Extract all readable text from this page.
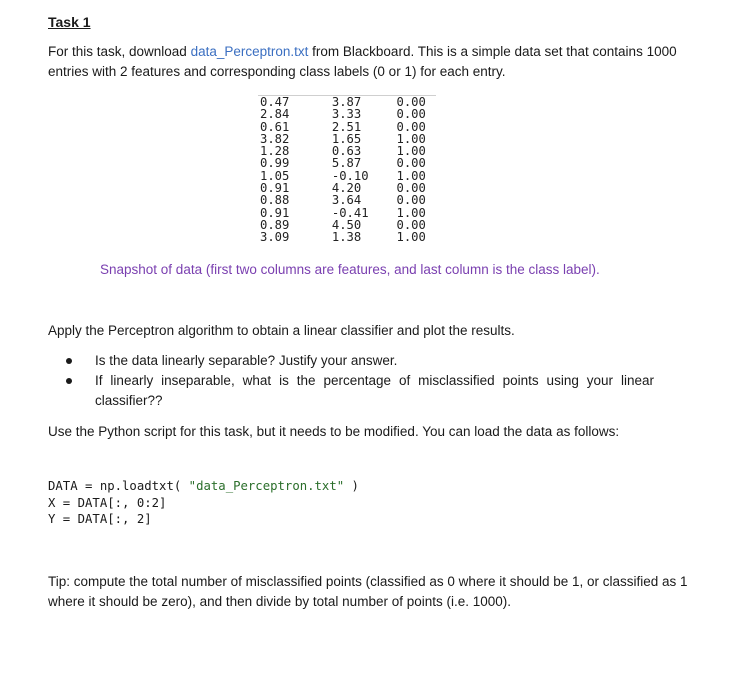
Task 1
For this task, download data_Perceptron.txt from Blackboard. This is a simple data set that contains 1000 entries with 2 features and corresponding class labels (0 or 1) for each entry.
0.47	3.87	0.00
2.84	3.33	0.00
0.61	2.51	0.00
3.82	1.65	1.00
1.28	0.63	1.00
0.99	5.87	0.00
1.05	-0.10	1.00
0.91	4.20	0.00
0.88	3.64	0.00
0.91	-0.41	1.00
0.89	4.50	0.00
3.09	1.38	1.00
Snapshot of data (first two columns are features, and last column is the class label).
Apply the Perceptron algorithm to obtain a linear classifier and plot the results.
Is the data linearly separable? Justify your answer.
If linearly inseparable, what is the percentage of misclassified points using your linear classifier??
Use the Python script for this task, but it needs to be modified. You can load the data as follows:
DATA = np.loadtxt( "data_Perceptron.txt" )
X = DATA[:, 0:2]
Y = DATA[:, 2]
Tip: compute the total number of misclassified points (classified as 0 where it should be 1, or classified as 1 where it should be zero), and then divide by total number of points (i.e. 1000).
